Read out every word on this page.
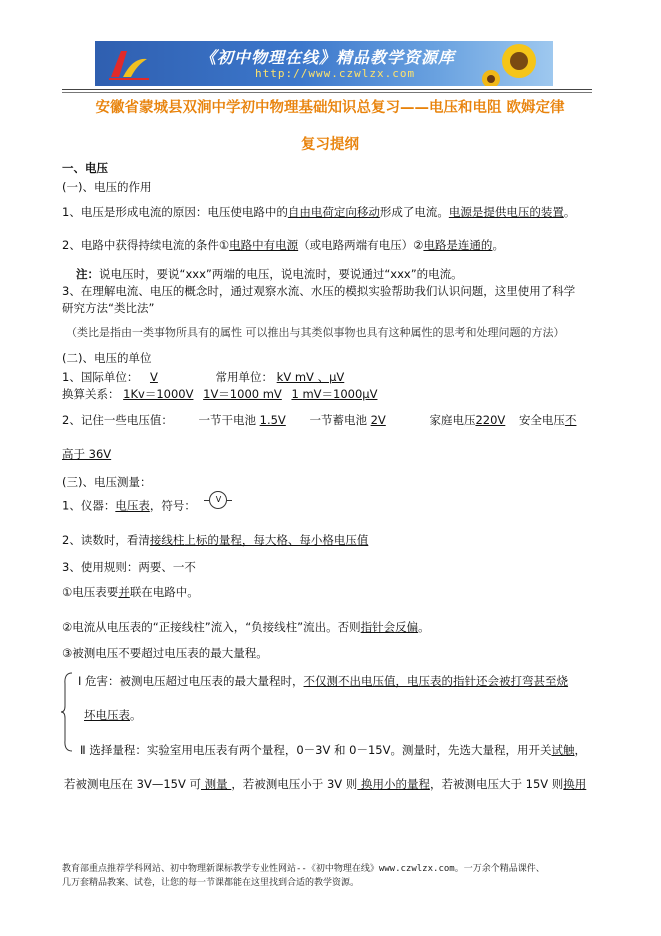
《初中物理在线》精品教学资源库
http://www.czwlzx.com
安徽省蒙城县双涧中学初中物理基础知识总复习——电压和电阻 欧姆定律
复习提纲
一、电压
(一)、电压的作用
1、电压是形成电流的原因：电压使电路中的自由电荷定向移动形成了电流。电源是提供电压的装置。
2、电路中获得持续电流的条件①电路中有电源（或电路两端有电压）②电路是连通的。
注：说电压时，要说“xxx”两端的电压，说电流时，要说通过“xxx”的电流。
3、在理解电流、电压的概念时，通过观察水流、水压的模拟实验帮助我们认识问题，这里使用了科学
研究方法“类比法”
（类比是指由一类事物所具有的属性 可以推出与其类似事物也具有这种属性的思考和处理问题的方法）
(二)、电压的单位
1、国际单位： V	常用单位： kV mV 、μV
换算关系： 1Kv＝1000V 1V＝1000 mV 1 mV＝1000μV
2、记住一些电压值： 一节干电池 1.5V 一节蓄电池 2V	家庭电压220V 安全电压不
高于 36V
(三)、电压测量：
1、仪器：电压表，符号： V
2、读数时，看清接线柱上标的量程，每大格、每小格电压值
3、使用规则：两要、一不
①电压表要并联在电路中。
②电流从电压表的“正接线柱”流入，“负接线柱”流出。否则指针会反偏。
③被测电压不要超过电压表的最大量程。
Ⅰ 危害：被测电压超过电压表的最大量程时，不仅测不出电压值，电压表的指针还会被打弯甚至烧
坏电压表。
Ⅱ 选择量程：实验室用电压表有两个量程，0－3V 和 0－15V。测量时，先选大量程，用开关试触，
若被测电压在 3V—15V 可 测量 ，若被测电压小于 3V 则 换用小的量程，若被测电压大于 15V 则换用
教育部重点推荐学科网站、初中物理新课标教学专业性网站--《初中物理在线》www.czwlzx.com。一万余个精品课件、
几万套精品教案、试卷，让您的每一节课都能在这里找到合适的教学资源。
